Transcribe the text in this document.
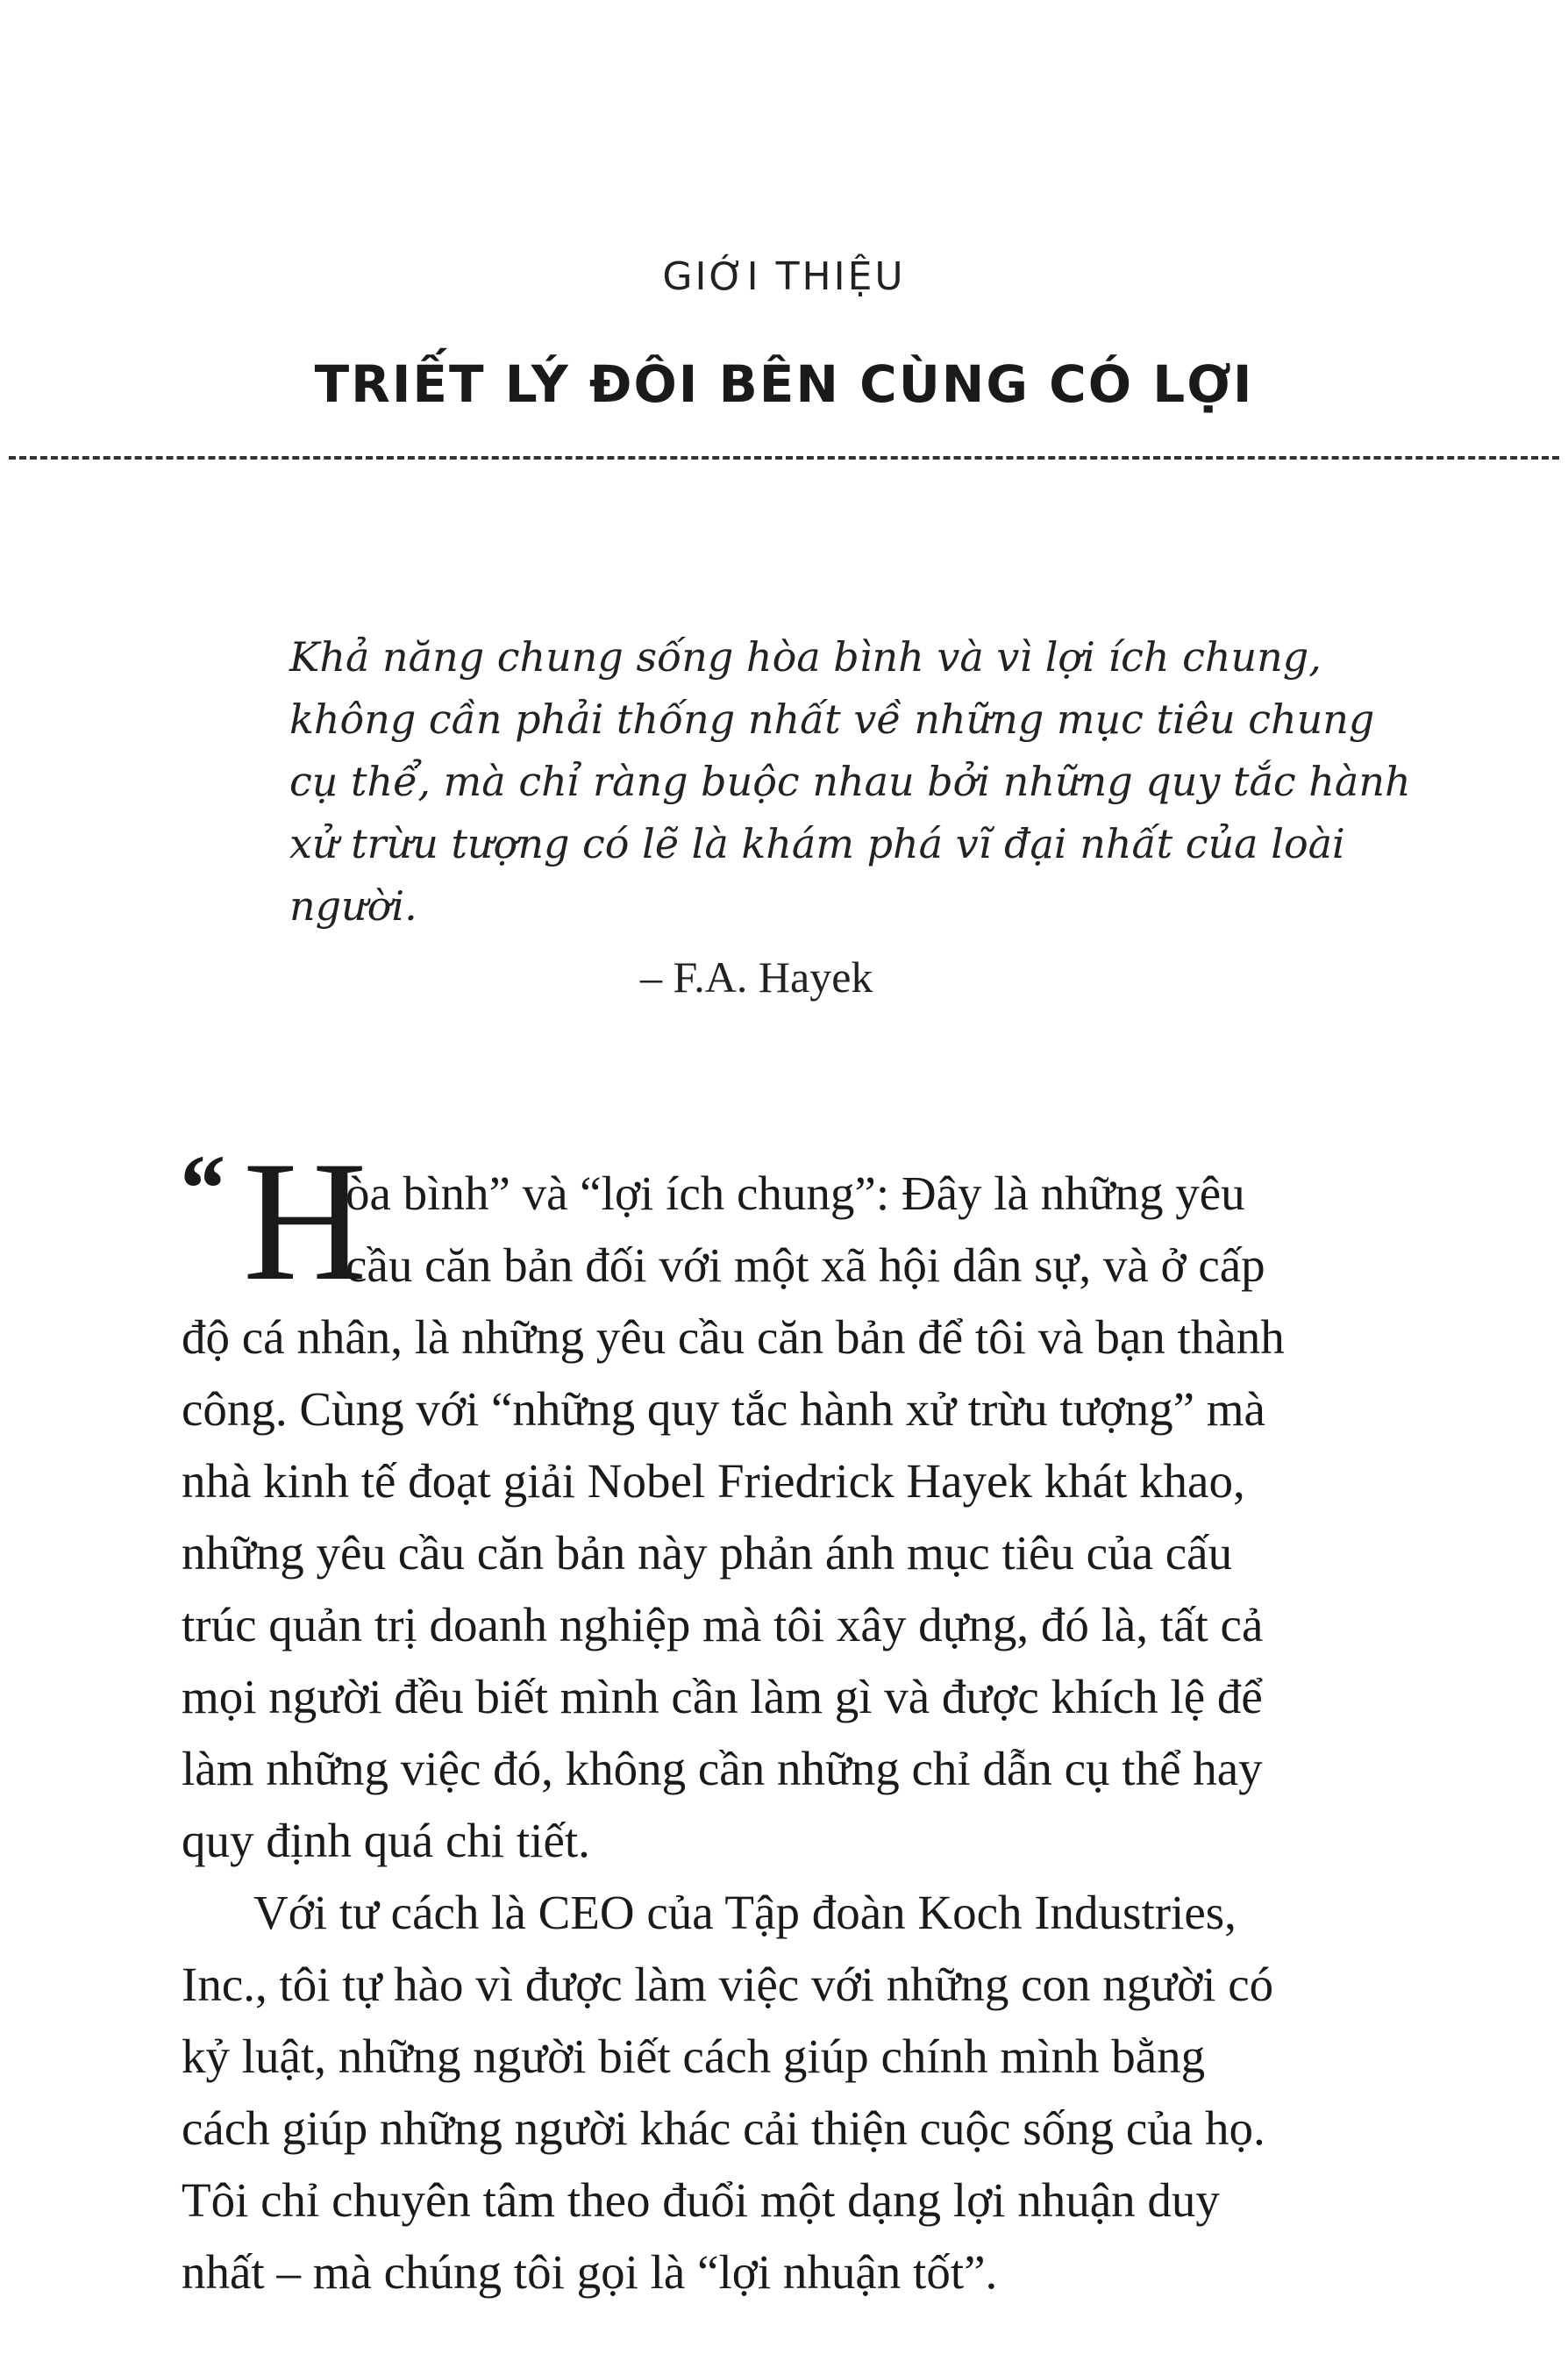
GIỚI THIỆU
TRIẾT LÝ ĐÔI BÊN CÙNG CÓ LỢI
Khả năng chung sống hòa bình và vì lợi ích chung,
không cần phải thống nhất về những mục tiêu chung
cụ thể, mà chỉ ràng buộc nhau bởi những quy tắc hành
xử trừu tượng có lẽ là khám phá vĩ đại nhất của loài
người.
– F.A. Hayek
“ H

òa bình” và “lợi ích chung”: Đây là những yêu
cầu căn bản đối với một xã hội dân sự, và ở cấp
độ cá nhân, là những yêu cầu căn bản để tôi và bạn thành
công. Cùng với “những quy tắc hành xử trừu tượng” mà
nhà kinh tế đoạt giải Nobel Friedrick Hayek khát khao,
những yêu cầu căn bản này phản ánh mục tiêu của cấu
trúc quản trị doanh nghiệp mà tôi xây dựng, đó là, tất cả
mọi người đều biết mình cần làm gì và được khích lệ để
làm những việc đó, không cần những chỉ dẫn cụ thể hay
quy định quá chi tiết.

Với tư cách là CEO của Tập đoàn Koch Industries,
Inc., tôi tự hào vì được làm việc với những con người có
kỷ luật, những người biết cách giúp chính mình bằng
cách giúp những người khác cải thiện cuộc sống của họ.
Tôi chỉ chuyên tâm theo đuổi một dạng lợi nhuận duy
nhất – mà chúng tôi gọi là “lợi nhuận tốt”.
